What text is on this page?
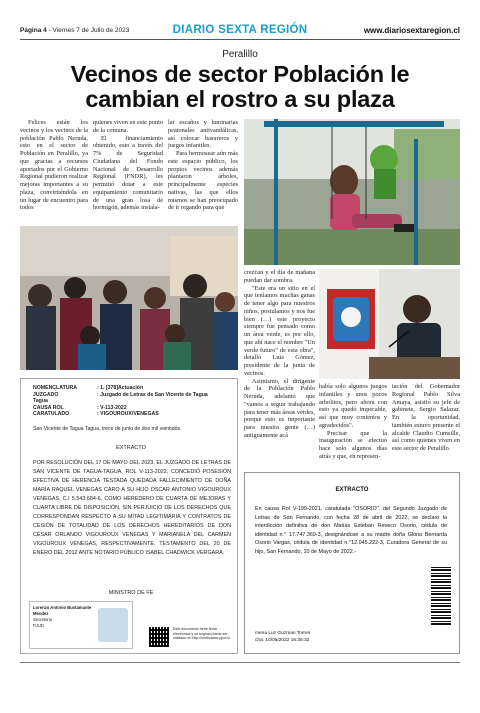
Página 4 - Viernes 7 de Julio de 2023	DIARIO SEXTA REGIÓN	www.diariosextaregion.cl
Peralillo
Vecinos de sector Población le
cambian el rostro a su plaza

Felices están los vecinos y los vecinos de la población Pablo Neruda, esto en el sector de Población en Peralillo, ya que gracias a recursos aportados por el Gobierno Regional pudieron realizar mejoras importantes a su plaza, convirtiéndola en un lugar de encuentro para todos

quienes viven en este punto de la comuna.

El financiamiento obtenido, esto a través del 7% de Seguridad Ciudadana del Fondo Nacional de Desarrollo Regional (FNDR), les permitió dotar a este equipamiento comunitario de una gran losa de hormigón, además instala-

lar escaños y luminarias peatonales antivandálicas, así colocar basureros y juegos infantiles.

Para hermosear aún más este espacio público, los propios vecinos además plantaron árboles, principalmente especies nativas, las que ellos mismos se han preocupado de ir regando para que

crezcan y el día de mañana puedan dar sombra.

"Este era un sitio en el que teníamos muchas ganas de tener algo para nuestros niños, postulamos y nos fue bien (…) este proyecto siempre fue pensado como un área verde, es por ello, que ahí nace el nombre "Un verde futuro" de esta obra", detalló Luis Gómez, presidente de la junta de vecinos.

Asimismo, el dirigente de la Población Pablo Neruda, adelantó que "vamos a seguir trabajando para tener más áreas verdes, porque esto es importante para nuestra gente (…) antiguamente acá

había solo algunos juegos infantiles y unos pocos arbolitos, pero ahora con esto ya quedó impecable, así que muy contentos y agradecidos".

Precisar que la inauguración se efectuó hace solo algunos días atrás y que, en represen-

tación del Gobernador Regional Pablo Silva Amaya, asistió su jefe de gabinete, Sergio Salazar. En la oportunidad, también estuvo presente el alcalde Claudio Cumsille, así como quienes viven en este sector de Peralillo.

NOMENCLATURA	: 1. [378]Actuación
JUZGADO	: Juzgado de Letras de San Vicente de Tagua
Tagua
CAUSA ROL	: V-113-2022
CARATULADO	: VIGOUROUX/VENEGAS
San Vicente de Tagua Tagua, trece de junio de dos mil veintidós.
EXTRACTO
POR RESOLUCIÓN DEL 17 DE MAYO DEL 2023, EL JUZGADO DE LETRAS DE SAN VICENTE DE TAGUA-TAGUA, ROL V-113-2022, CONCEDIÓ POSESIÓN EFECTIVA DE HERENCIA TESTADA QUEDADA FALLECIMIENTO DE DOÑA MARÍA RAQUEL VENEGAS CARO A SU HIJO OSCAR ANTONIO VIGOUROUX VENEGAS, C.I 5.543.684-6, COMO HEREDERO DE CUARTA DE MEJORAS Y CUARTA LIBRE DE DISPOSICIÓN, SIN PERJUICIO DE LOS DERECHOS QUE CORRESPONDAN RESPECTO A SU MITAD LEGITIMARIA Y CONTRATOS DE CESIÓN DE TOTALIDAD DE LOS DERECHOS HEREDITARIOS DE DON CÉSAR ORLANDO VIGOUROUX VENEGAS Y MARIANELA DEL CARMEN VIGOUROUX VENEGAS, RESPECTIVAMENTE. TESTAMENTO DEL 20 DE ENERO DEL 2012 ANTE NOTARIO PÚBLICO ISABEL CHADWICK VERGARA.
MINISTRO DE FE
Lorenzo Antonio Bustamante Méndez
Secretario
PJUD
Este documento tiene firma electrónica y su original puede ser validado en http://verificadoc.pjud.cl
EXTRACTO
En causa Rol V-199-2021, caratulada "OSORIO", del Segundo Juzgado de Letras de San Fernando, con fecha 28 de abril de 2022, se declaró la interdicción definitiva de don Matías Esteban Reveco Osorio, cédula de identidad n.° 17.747.369-3, designándose a su madre doña Gloria Bernarda Osorio Vargas, cédula de identidad n.°12.045.222-3, Curadora General de su hijo, San Fernando, 10 de Mayo de 2022.-
mena Luz Guzman Torres
cha: 10/05/2022 16:36:32
